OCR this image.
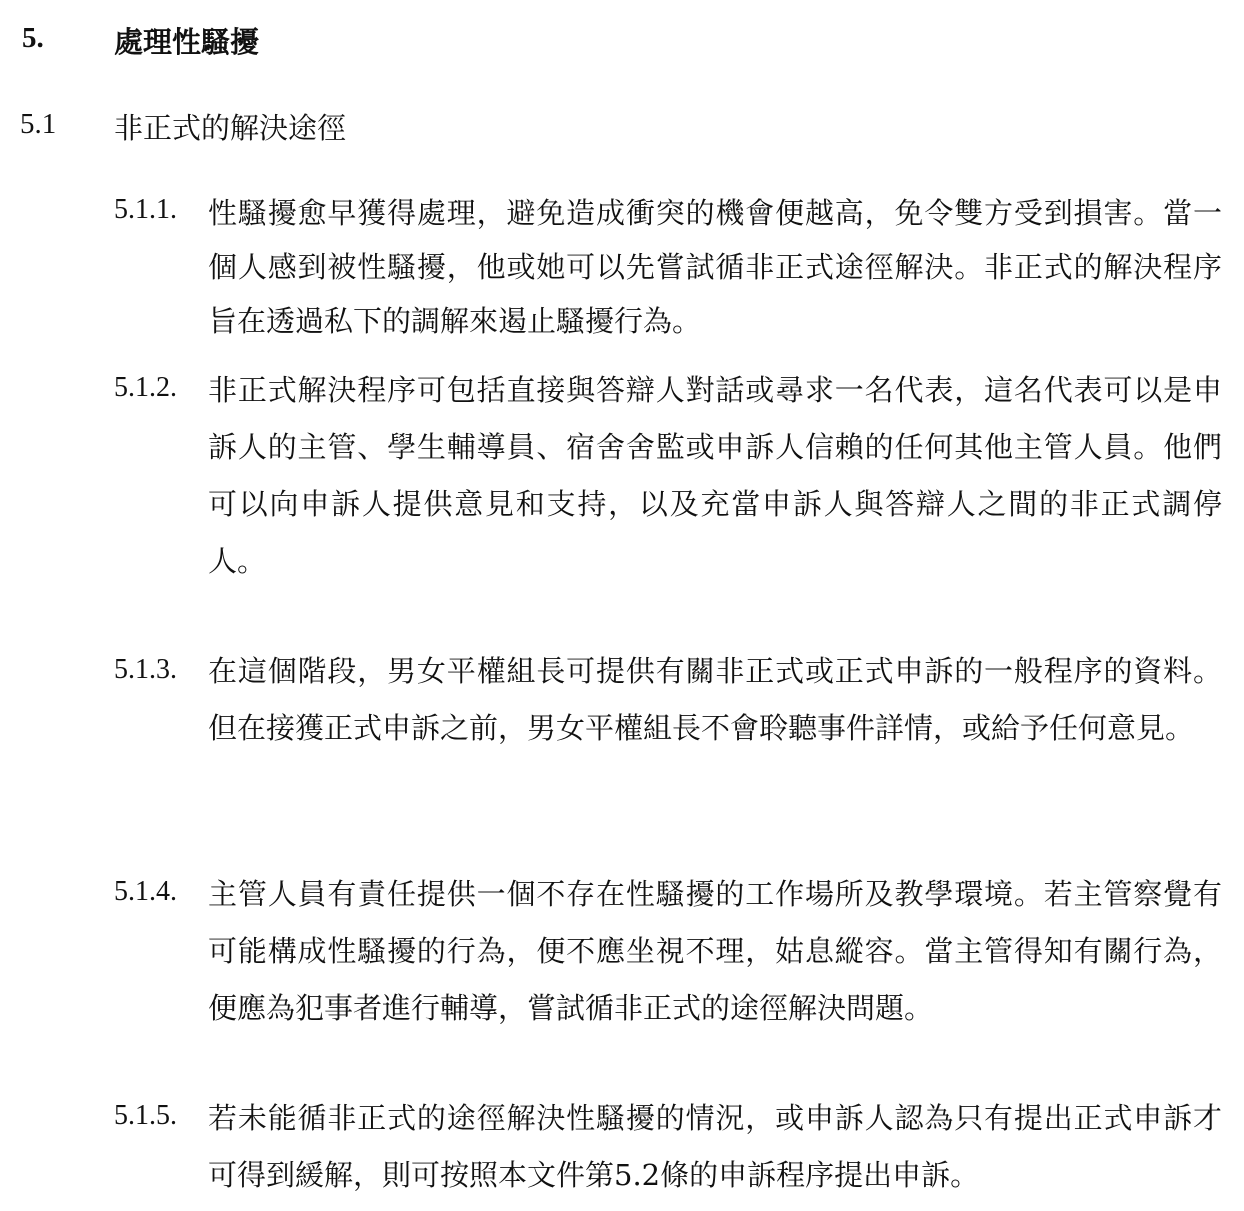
5. 處理性騷擾
5.1 非正式的解決途徑
5.1.1. 性騷擾愈早獲得處理，避免造成衝突的機會便越高，免令雙方受到損害。當一個人感到被性騷擾，他或她可以先嘗試循非正式途徑解決。非正式的解決程序旨在透過私下的調解來遏止騷擾行為。
5.1.2. 非正式解決程序可包括直接與答辯人對話或尋求一名代表，這名代表可以是申訴人的主管、學生輔導員、宿舍舍監或申訴人信賴的任何其他主管人員。他們可以向申訴人提供意見和支持，以及充當申訴人與答辯人之間的非正式調停人。
5.1.3. 在這個階段，男女平權組長可提供有關非正式或正式申訴的一般程序的資料。但在接獲正式申訴之前，男女平權組長不會聆聽事件詳情，或給予任何意見。
5.1.4. 主管人員有責任提供一個不存在性騷擾的工作場所及教學環境。若主管察覺有可能構成性騷擾的行為，便不應坐視不理，姑息縱容。當主管得知有關行為，便應為犯事者進行輔導，嘗試循非正式的途徑解決問題。
5.1.5. 若未能循非正式的途徑解決性騷擾的情況，或申訴人認為只有提出正式申訴才可得到緩解，則可按照本文件第5.2條的申訴程序提出申訴。
